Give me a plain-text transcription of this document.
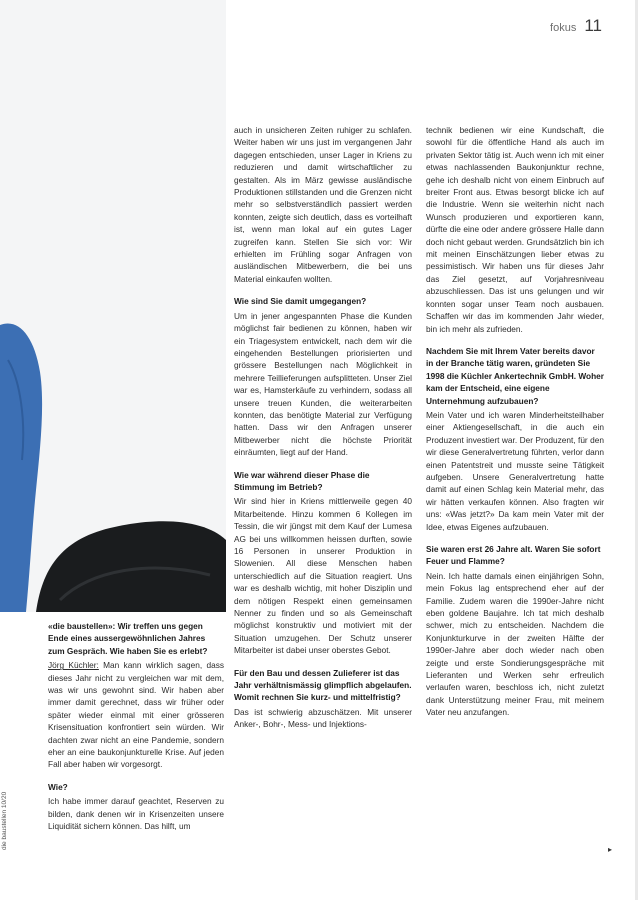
fokus 11
die baustellen 10/20
«die baustellen»: Wir treffen uns gegen Ende eines aussergewöhnlichen Jahres zum Gespräch. Wie haben Sie es erlebt?

Jörg Küchler: Man kann wirklich sagen, dass dieses Jahr nicht zu vergleichen war mit dem, was wir uns gewohnt sind. Wir haben aber immer damit gerechnet, dass wir früher oder später wieder einmal mit einer grösseren Krisensituation konfrontiert sein würden. Wir dachten zwar nicht an eine Pandemie, sondern eher an eine baukonjunkturelle Krise. Auf jeden Fall aber haben wir vorgesorgt.

Wie?

Ich habe immer darauf geachtet, Reserven zu bilden, dank denen wir in Krisenzeiten unsere Liquidität sichern können. Das hilft, um

auch in unsicheren Zeiten ruhiger zu schlafen. Weiter haben wir uns just im vergangenen Jahr dagegen entschieden, unser Lager in Kriens zu reduzieren und damit wirtschaftlicher zu gestalten. Als im März gewisse ausländische Produktionen stillstanden und die Grenzen nicht mehr so selbstverständlich passiert werden konnten, zeigte sich deutlich, dass es vorteilhaft ist, wenn man lokal auf ein gutes Lager zugreifen kann. Stellen Sie sich vor: Wir erhielten im Frühling sogar Anfragen von ausländischen Mitbewerbern, die bei uns Material einkaufen wollten.

Wie sind Sie damit umgegangen?

Um in jener angespannten Phase die Kunden möglichst fair bedienen zu können, haben wir ein Triagesystem entwickelt, nach dem wir die eingehenden Bestellungen priorisierten und grössere Bestellungen nach Möglichkeit in mehrere Teillieferungen aufsplitteten. Unser Ziel war es, Hamsterkäufe zu verhindern, sodass all unsere treuen Kunden, die weiterarbeiten konnten, das benötigte Material zur Verfügung hatten. Dass wir den Anfragen unserer Mitbewerber nicht die höchste Priorität einräumten, liegt auf der Hand.

Wie war während dieser Phase die Stimmung im Betrieb?

Wir sind hier in Kriens mittlerweile gegen 40 Mitarbeitende. Hinzu kommen 6 Kollegen im Tessin, die wir jüngst mit dem Kauf der Lumesa AG bei uns willkommen heissen durften, sowie 16 Personen in unserer Produktion in Slowenien. All diese Menschen haben unterschiedlich auf die Situation reagiert. Uns war es deshalb wichtig, mit hoher Disziplin und dem nötigen Respekt einen gemeinsamen Nenner zu finden und so als Gemeinschaft möglichst konstruktiv und motiviert mit der Situation umzugehen. Der Schutz unserer Mitarbeiter ist dabei unser oberstes Gebot.

Für den Bau und dessen Zulieferer ist das Jahr verhältnismässig glimpflich abgelaufen. Womit rechnen Sie kurz- und mittelfristig?

Das ist schwierig abzuschätzen. Mit unserer Anker-, Bohr-, Mess- und Injektions-

technik bedienen wir eine Kundschaft, die sowohl für die öffentliche Hand als auch im privaten Sektor tätig ist. Auch wenn ich mit einer etwas nachlassenden Baukonjunktur rechne, gehe ich deshalb nicht von einem Einbruch auf breiter Front aus. Etwas besorgt blicke ich auf die Industrie. Wenn sie weiterhin nicht nach Wunsch produzieren und exportieren kann, dürfte die eine oder andere grössere Halle dann doch nicht gebaut werden. Grundsätzlich bin ich mit meinen Einschätzungen lieber etwas zu pessimistisch. Wir haben uns für dieses Jahr das Ziel gesetzt, auf Vorjahresniveau abzuschliessen. Das ist uns gelungen und wir konnten sogar unser Team noch ausbauen. Schaffen wir das im kommenden Jahr wieder, bin ich mehr als zufrieden.

Nachdem Sie mit Ihrem Vater bereits davor in der Branche tätig waren, gründeten Sie 1998 die Küchler Ankertechnik GmbH. Woher kam der Entscheid, eine eigene Unternehmung aufzubauen?

Mein Vater und ich waren Minderheitsteilhaber einer Aktiengesellschaft, in die auch ein Produzent investiert war. Der Produzent, für den wir diese Generalvertretung führten, verlor dann einen Patentstreit und musste seine Tätigkeit aufgeben. Unsere Generalvertretung hatte damit auf einen Schlag kein Material mehr, das wir hätten verkaufen können. Also fragten wir uns: «Was jetzt?» Da kam mein Vater mit der Idee, etwas Eigenes aufzubauen.

Sie waren erst 26 Jahre alt. Waren Sie sofort Feuer und Flamme?

Nein. Ich hatte damals einen einjährigen Sohn, mein Fokus lag entsprechend eher auf der Familie. Zudem waren die 1990er-Jahre nicht eben goldene Baujahre. Ich tat mich deshalb schwer, mich zu entscheiden. Nachdem die Konjunkturkurve in der zweiten Hälfte der 1990er-Jahre aber doch wieder nach oben zeigte und erste Sondierungsgespräche mit Lieferanten und Werken sehr erfreulich verlaufen waren, beschloss ich, nicht zuletzt dank Unterstützung meiner Frau, mit meinem Vater neu anzufangen.

▸
